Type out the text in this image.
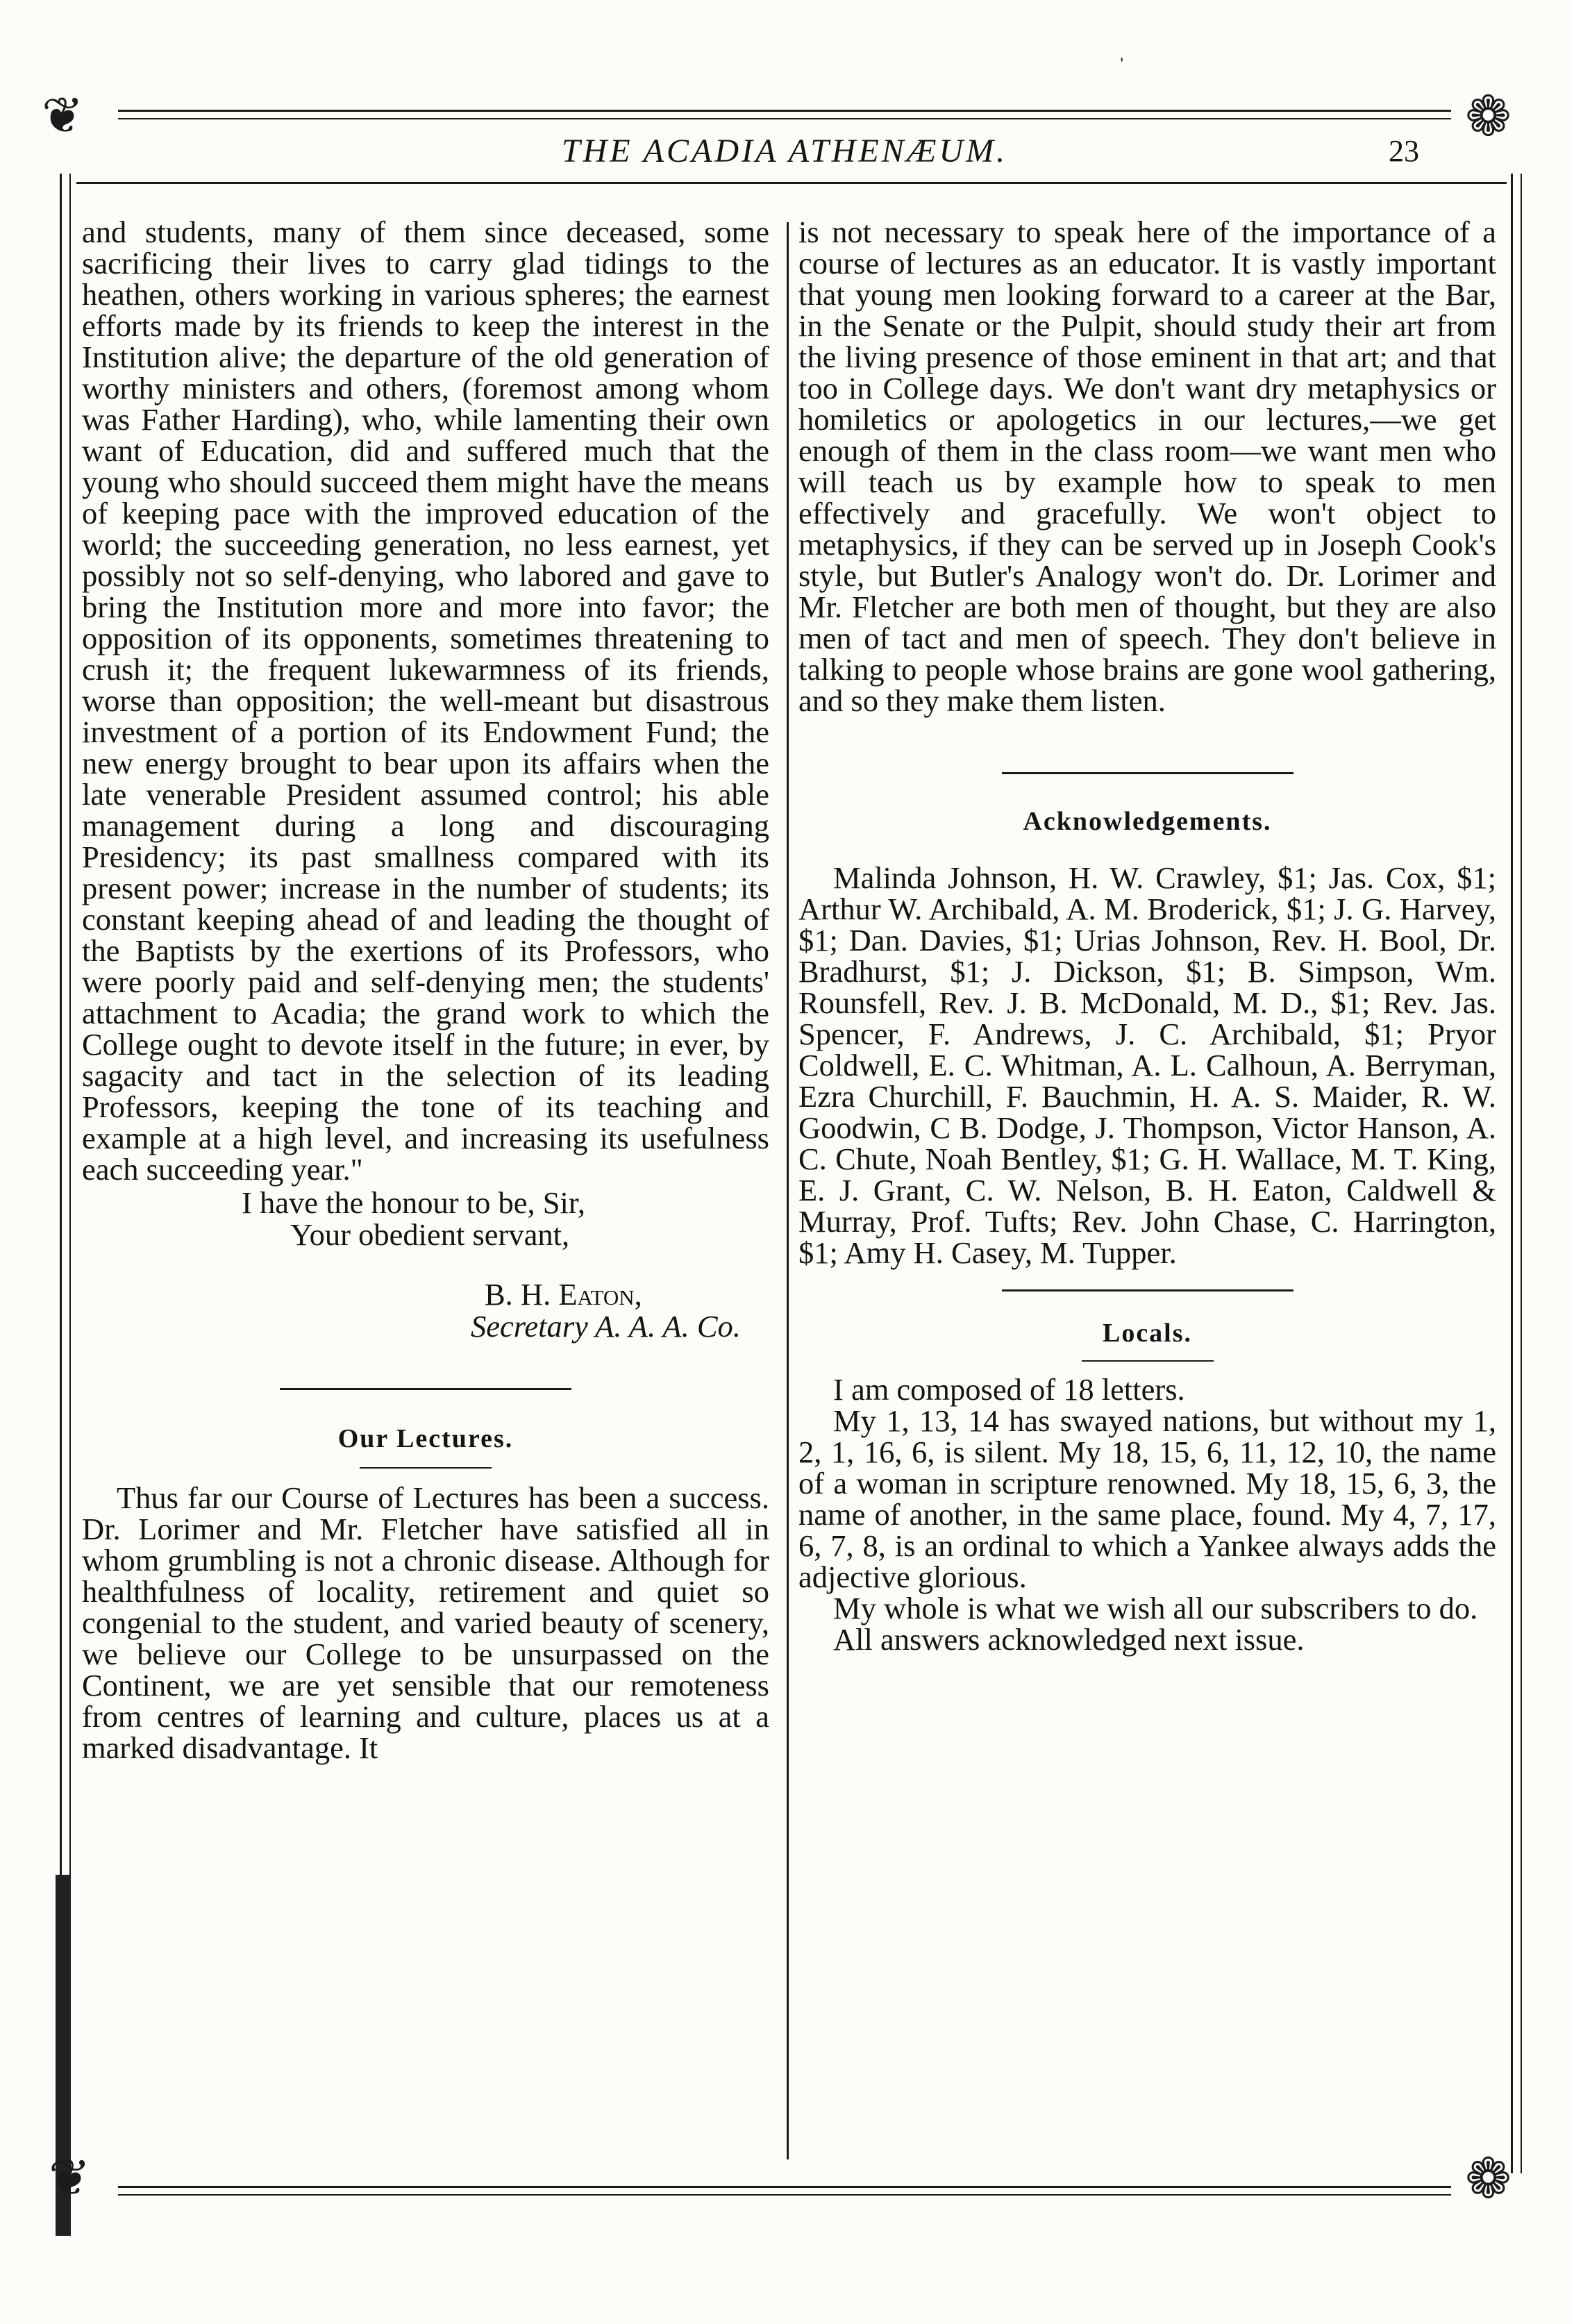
❦	❁
❦	❁
ˈ
THE ACADIA ATHENÆUM.	23

and students, many of them since deceased, some sacrificing their lives to carry glad tidings to the heathen, others working in various spheres; the earnest efforts made by its friends to keep the interest in the Institution alive; the departure of the old generation of worthy ministers and others, (foremost among whom was Father Harding), who, while lamenting their own want of Education, did and suffered much that the young who should succeed them might have the means of keeping pace with the improved education of the world; the succeeding generation, no less earnest, yet possibly not so self-denying, who labored and gave to bring the Institution more and more into favor; the opposition of its opponents, sometimes threatening to crush it; the frequent lukewarmness of its friends, worse than opposition; the well-meant but disastrous investment of a portion of its Endowment Fund; the new energy brought to bear upon its affairs when the late venerable President assumed control; his able management during a long and discouraging Presidency; its past smallness compared with its present power; increase in the number of students; its constant keeping ahead of and leading the thought of the Baptists by the exertions of its Professors, who were poorly paid and self-denying men; the students' attachment to Acadia; the grand work to which the College ought to devote itself in the future; in ever, by sagacity and tact in the selection of its leading Professors, keeping the tone of its teaching and example at a high level, and increasing its usefulness each succeeding year."

I have the honour to be, Sir,
Your obedient servant,
B. H. Eaton,
Secretary A. A. A. Co.
Our Lectures.

Thus far our Course of Lectures has been a success. Dr. Lorimer and Mr. Fletcher have satisfied all in whom grumbling is not a chronic disease. Although for healthfulness of locality, retirement and quiet so congenial to the student, and varied beauty of scenery, we believe our College to be unsurpassed on the Continent, we are yet sensible that our remoteness from centres of learning and culture, places us at a marked disadvantage. It

is not necessary to speak here of the importance of a course of lectures as an educator. It is vastly important that young men looking forward to a career at the Bar, in the Senate or the Pulpit, should study their art from the living presence of those eminent in that art; and that too in College days. We don't want dry metaphysics or homiletics or apologetics in our lectures,—we get enough of them in the class room—we want men who will teach us by example how to speak to men effectively and gracefully. We won't object to metaphysics, if they can be served up in Joseph Cook's style, but Butler's Analogy won't do. Dr. Lorimer and Mr. Fletcher are both men of thought, but they are also men of tact and men of speech. They don't believe in talking to people whose brains are gone wool gathering, and so they make them listen.

Acknowledgements.

Malinda Johnson, H. W. Crawley, $1; Jas. Cox, $1; Arthur W. Archibald, A. M. Broderick, $1; J. G. Harvey, $1; Dan. Davies, $1; Urias Johnson, Rev. H. Bool, Dr. Bradhurst, $1; J. Dickson, $1; B. Simpson, Wm. Rounsfell, Rev. J. B. McDonald, M. D., $1; Rev. Jas. Spencer, F. Andrews, J. C. Archibald, $1; Pryor Coldwell, E. C. Whitman, A. L. Calhoun, A. Berryman, Ezra Churchill, F. Bauchmin, H. A. S. Maider, R. W. Goodwin, C B. Dodge, J. Thompson, Victor Hanson, A. C. Chute, Noah Bentley, $1; G. H. Wallace, M. T. King, E. J. Grant, C. W. Nelson, B. H. Eaton, Caldwell & Murray, Prof. Tufts; Rev. John Chase, C. Harrington, $1; Amy H. Casey, M. Tupper.

Locals.

I am composed of 18 letters.

My 1, 13, 14 has swayed nations, but without my 1, 2, 1, 16, 6, is silent. My 18, 15, 6, 11, 12, 10, the name of a woman in scripture renowned. My 18, 15, 6, 3, the name of another, in the same place, found. My 4, 7, 17, 6, 7, 8, is an ordinal to which a Yankee always adds the adjective glorious.

My whole is what we wish all our subscribers to do.

All answers acknowledged next issue.
